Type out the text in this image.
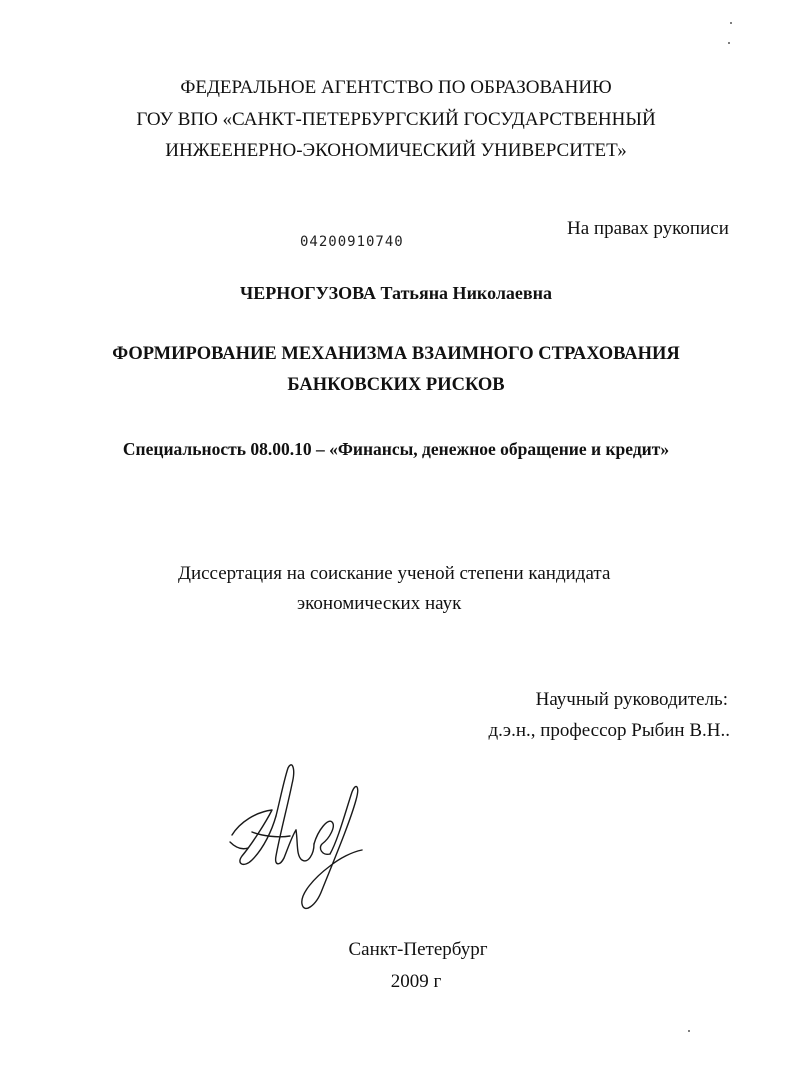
ФЕДЕРАЛЬНОЕ АГЕНТСТВО ПО ОБРАЗОВАНИЮ
ГОУ ВПО «САНКТ-ПЕТЕРБУРГСКИЙ ГОСУДАРСТВЕННЫЙ
ИНЖЕЕНЕРНО-ЭКОНОМИЧЕСКИЙ УНИВЕРСИТЕТ»
04200910740
На правах рукописи
ЧЕРНОГУЗОВА Татьяна Николаевна
ФОРМИРОВАНИЕ МЕХАНИЗМА ВЗАИМНОГО СТРАХОВАНИЯ
БАНКОВСКИХ РИСКОВ
Специальность 08.00.10 – «Финансы, денежное обращение и кредит»
Диссертация на соискание ученой степени кандидата
экономических наук
Научный руководитель:
д.э.н., профессор Рыбин В.Н..
Санкт-Петербург
2009 г
